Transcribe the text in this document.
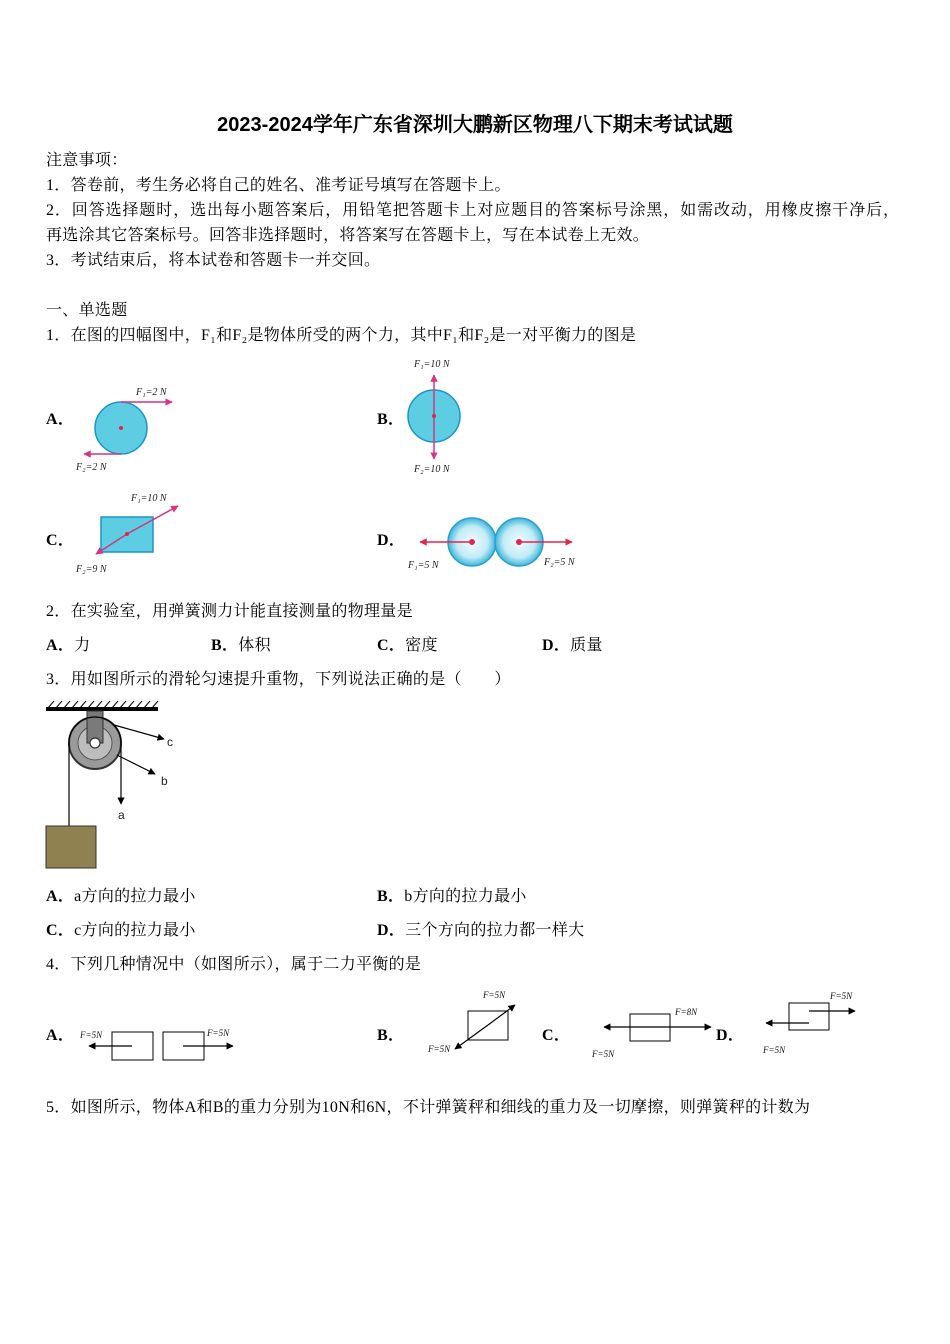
2023-2024学年广东省深圳大鹏新区物理八下期末考试试题
注意事项：
1．答卷前，考生务必将自己的姓名、准考证号填写在答题卡上。
2．回答选择题时，选出每小题答案后，用铅笔把答题卡上对应题目的答案标号涂黑，如需改动，用橡皮擦干净后，
再选涂其它答案标号。回答非选择题时，将答案写在答题卡上，写在本试卷上无效。
3．考试结束后，将本试卷和答题卡一并交回。
一、单选题
1．在图的四幅图中，F₁和F₂是物体所受的两个力，其中F₁和F₂是一对平衡力的图是
A．
F₁=2 N
F₂=2 N
B．
F₁=10 N
F₂=10 N
C．
F₁=10 N
F₂=9 N
D．
F₁=5 N	F₂=5 N
2．在实验室，用弹簧测力计能直接测量的物理量是
A．力	B．体积	C．密度	D．质量
3．用如图所示的滑轮匀速提升重物，下列说法正确的是（　　）
c
b
a
A．a方向的拉力最小	B．b方向的拉力最小
C．c方向的拉力最小	D．三个方向的拉力都一样大
4．下列几种情况中（如图所示），属于二力平衡的是
A． F=5N	F=5N	B．
F=5N
F=5N
C．
F=8N
F=5N
D．
F=5N
F=5N
5．如图所示，物体A和B的重力分别为10N和6N，不计弹簧秤和细线的重力及一切摩擦，则弹簧秤的计数为
